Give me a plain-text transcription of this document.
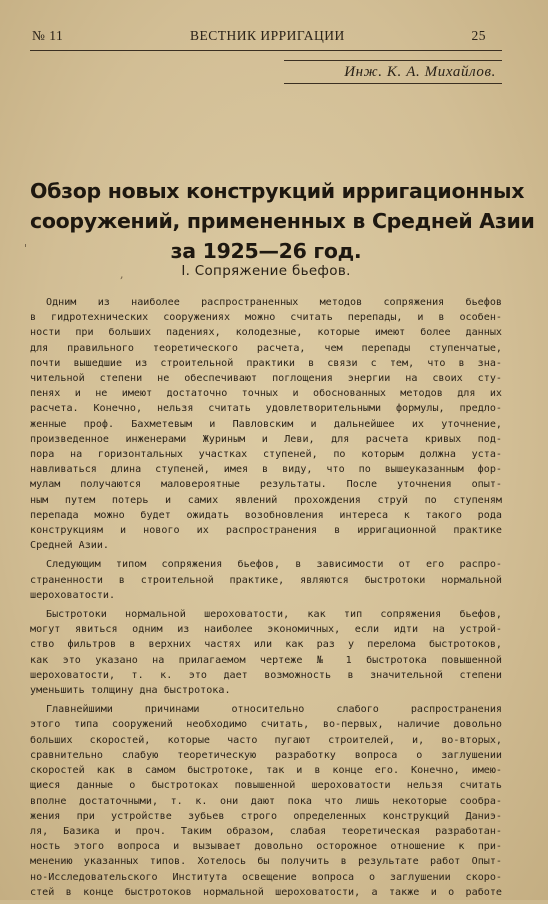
№ 11	ВЕСТНИК ИРРИГАЦИИ	25
Инж. К. А. Михайлов.
Обзор новых конструкций ирригационных
сооружений, примененных в Средней Азии
за 1925—26 год.
I. Сопряжение бьефов.
Одним из наиболее распространенных методов сопряжения бьефов
в гидротехнических сооружениях можно считать перепады, и в особен-
ности при больших падениях, колодезные, которые имеют более данных
для правильного теоретического расчета, чем перепады ступенчатые,
почти вышедшие из строительной практики в связи с тем, что в зна-
чительной степени не обеспечивают поглощения энергии на своих сту-
пенях и не имеют достаточно точных и обоснованных методов для их
расчета. Конечно, нельзя считать удовлетворительными формулы, предло-
женные проф. Бахметевым и Павловским и дальнейшее их уточнение,
произведенное инженерами Журиным и Леви, для расчета кривых под-
пора на горизонтальных участках ступеней, по которым должна уста-
навливаться длина ступеней, имея в виду, что по вышеуказанным фор-
мулам получаются маловероятные результаты. После уточнения опыт-
ным путем потерь и самих явлений прохождения струй по ступеням
перепада можно будет ожидать возобновления интереса к такого рода
конструкциям и нового их распространения в ирригационной практике
Средней Азии.
Следующим типом сопряжения бьефов, в зависимости от его распро-
страненности в строительной практике, являются быстротоки нормальной
шероховатости.
Быстротоки нормальной шероховатости, как тип сопряжения бьефов,
могут явиться одним из наиболее экономичных, если идти на устрой-
ство фильтров в верхних частях или как раз у перелома быстротоков,
как это указано на прилагаемом чертеже № 1 быстротока повышенной
шероховатости, т. к. это дает возможность в значительной степени
уменьшить толщину дна быстротока.
Главнейшими причинами относительно слабого распространения
этого типа сооружений необходимо считать, во-первых, наличие довольно
больших скоростей, которые часто пугают строителей, и, во-вторых,
сравнительно слабую теоретическую разработку вопроса о заглушении
скоростей как в самом быстротоке, так и в конце его. Конечно, имею-
щиеся данные о быстротоках повышенной шероховатости нельзя считать
вполне достаточными, т. к. они дают пока что лишь некоторые сообра-
жения при устройстве зубьев строго определенных конструкций Даниэ-
ля, Базика и проч. Таким образом, слабая теоретическая разработан-
ность этого вопроса и вызывает довольно осторожное отношение к при-
менению указанных типов. Хотелось бы получить в результате работ Опыт-
но-Исследовательского Института освещение вопроса о заглушении скоро-
стей в конце быстротоков нормальной шероховатости, а также и о работе
'
,
